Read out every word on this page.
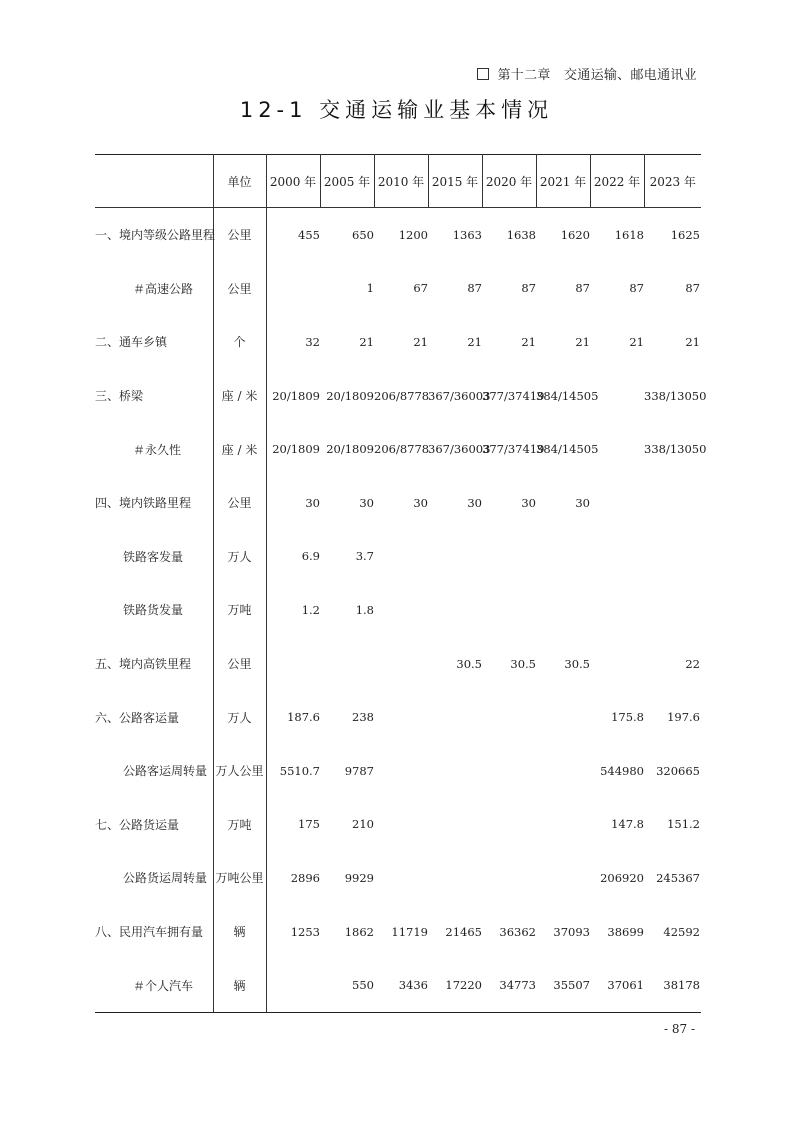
第十二章　交通运输、邮电通讯业
12-1 交通运输业基本情况
	单位	2000 年	2005 年	2010 年	2015 年	2020 年	2021 年	2022 年	2023 年
一、境内等级公路里程	公里	455	650	1200	1363	1638	1620	1618	1625
＃高速公路	公里		1	67	87	87	87	87	87
二、通车乡镇	个	32	21	21	21	21	21	21	21
三、桥梁	座 / 米	20/1809	20/1809	206/8778	367/36003	377/37419	384/14505		338/13050
＃永久性	座 / 米	20/1809	20/1809	206/8778	367/36003	377/37419	384/14505		338/13050
四、境内铁路里程	公里	30	30	30	30	30	30		
铁路客发量	万人	6.9	3.7						
铁路货发量	万吨	1.2	1.8						
五、境内高铁里程	公里				30.5	30.5	30.5		22
六、公路客运量	万人	187.6	238					175.8	197.6
公路客运周转量	万人公里	5510.7	9787					544980	320665
七、公路货运量	万吨	175	210					147.8	151.2
公路货运周转量	万吨公里	2896	9929					206920	245367
八、民用汽车拥有量	辆	1253	1862	11719	21465	36362	37093	38699	42592
＃个人汽车	辆		550	3436	17220	34773	35507	37061	38178
- 87 -
